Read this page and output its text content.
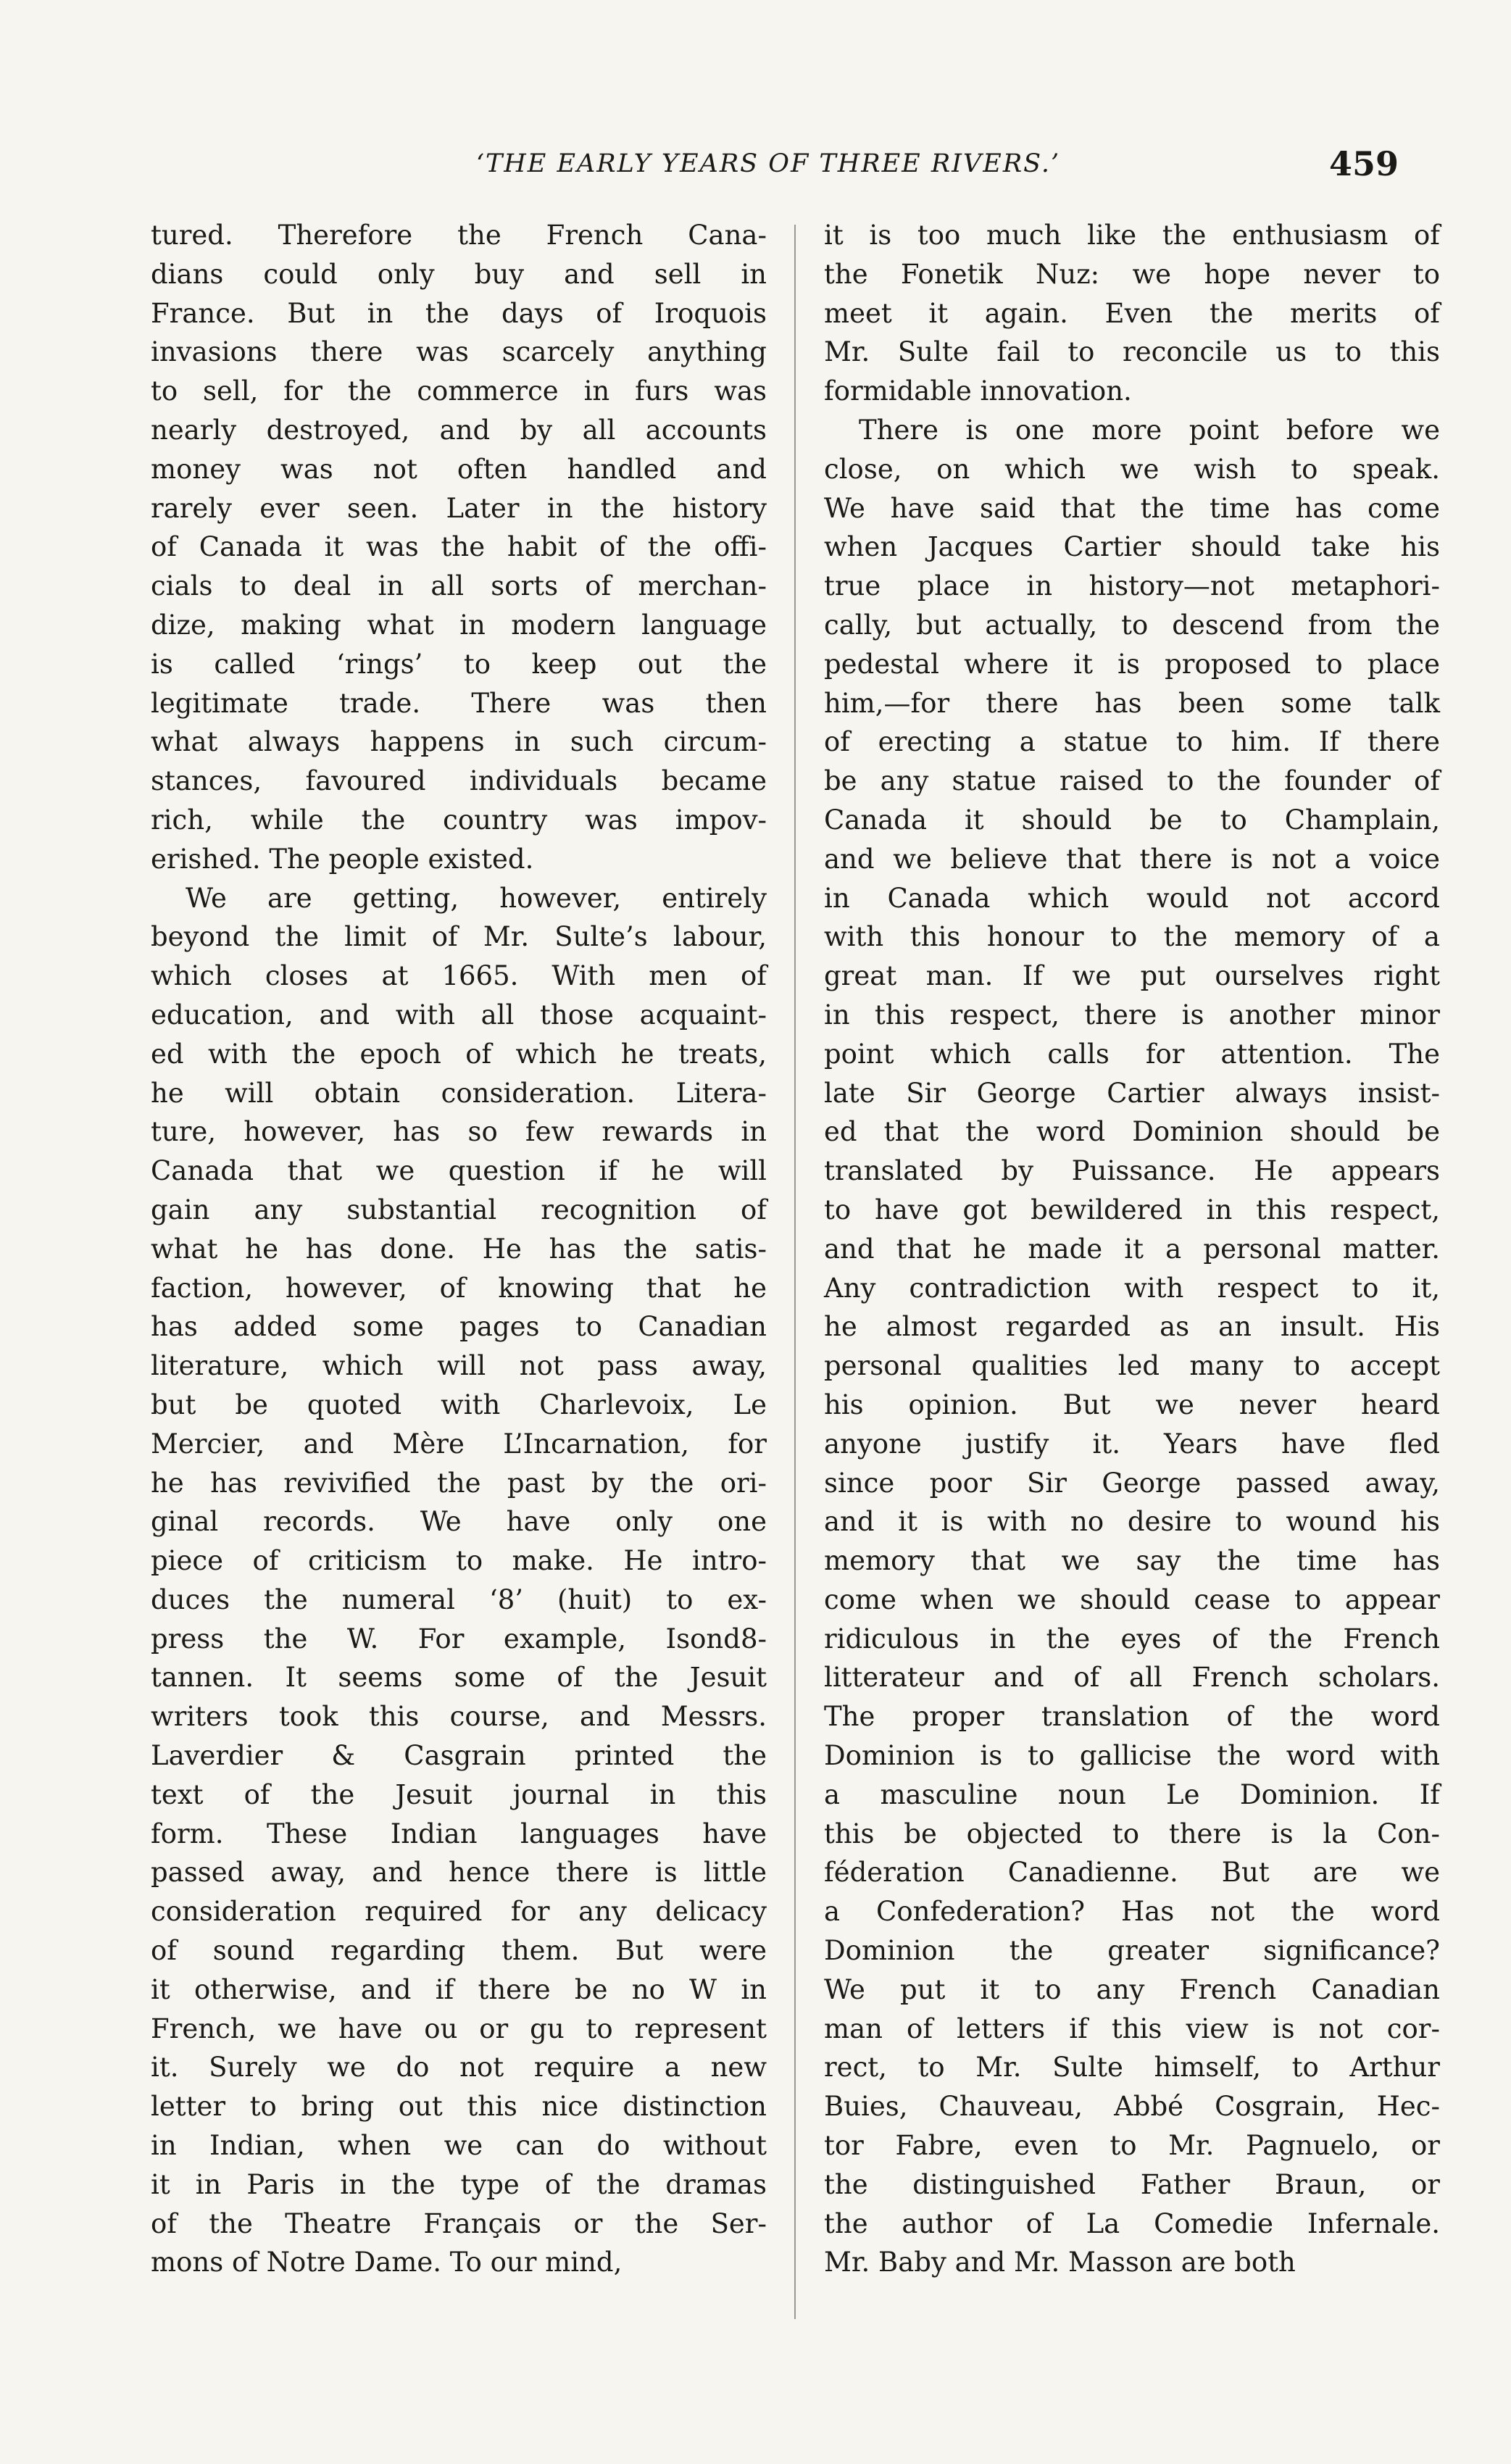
‘THE EARLY YEARS OF THREE RIVERS.’	459

tured. Therefore the French Cana-
dians could only buy and sell in
France. But in the days of Iroquois
invasions there was scarcely anything
to sell, for the commerce in furs was
nearly destroyed, and by all accounts
money was not often handled and
rarely ever seen. Later in the history
of Canada it was the habit of the offi-
cials to deal in all sorts of merchan-
dize, making what in modern language
is called ‘rings’ to keep out the
legitimate trade. There was then
what always happens in such circum-
stances, favoured individuals became
rich, while the country was impov-
erished. The people existed.

We are getting, however, entirely
beyond the limit of Mr. Sulte’s labour,
which closes at 1665. With men of
education, and with all those acquaint-
ed with the epoch of which he treats,
he will obtain consideration. Litera-
ture, however, has so few rewards in
Canada that we question if he will
gain any substantial recognition of
what he has done. He has the satis-
faction, however, of knowing that he
has added some pages to Canadian
literature, which will not pass away,
but be quoted with Charlevoix, Le
Mercier, and Mère L’Incarnation, for
he has revivified the past by the ori-
ginal records. We have only one
piece of criticism to make. He intro-
duces the numeral ‘8’ (huit) to ex-
press the W. For example, Isond8-
tannen. It seems some of the Jesuit
writers took this course, and Messrs.
Laverdier & Casgrain printed the
text of the Jesuit journal in this
form. These Indian languages have
passed away, and hence there is little
consideration required for any delicacy
of sound regarding them. But were
it otherwise, and if there be no W in
French, we have ou or gu to represent
it. Surely we do not require a new
letter to bring out this nice distinction
in Indian, when we can do without
it in Paris in the type of the dramas
of the Theatre Français or the Ser-
mons of Notre Dame. To our mind,

it is too much like the enthusiasm of
the Fonetik Nuz: we hope never to
meet it again. Even the merits of
Mr. Sulte fail to reconcile us to this
formidable innovation.

There is one more point before we
close, on which we wish to speak.
We have said that the time has come
when Jacques Cartier should take his
true place in history—not metaphori-
cally, but actually, to descend from the
pedestal where it is proposed to place
him,—for there has been some talk
of erecting a statue to him. If there
be any statue raised to the founder of
Canada it should be to Champlain,
and we believe that there is not a voice
in Canada which would not accord
with this honour to the memory of a
great man. If we put ourselves right
in this respect, there is another minor
point which calls for attention. The
late Sir George Cartier always insist-
ed that the word Dominion should be
translated by Puissance. He appears
to have got bewildered in this respect,
and that he made it a personal matter.
Any contradiction with respect to it,
he almost regarded as an insult. His
personal qualities led many to accept
his opinion. But we never heard
anyone justify it. Years have fled
since poor Sir George passed away,
and it is with no desire to wound his
memory that we say the time has
come when we should cease to appear
ridiculous in the eyes of the French
litterateur and of all French scholars.
The proper translation of the word
Dominion is to gallicise the word with
a masculine noun Le Dominion. If
this be objected to there is la Con-
féderation Canadienne. But are we
a Confederation? Has not the word
Dominion the greater significance?
We put it to any French Canadian
man of letters if this view is not cor-
rect, to Mr. Sulte himself, to Arthur
Buies, Chauveau, Abbé Cosgrain, Hec-
tor Fabre, even to Mr. Pagnuelo, or
the distinguished Father Braun, or
the author of La Comedie Infernale.
Mr. Baby and Mr. Masson are both
